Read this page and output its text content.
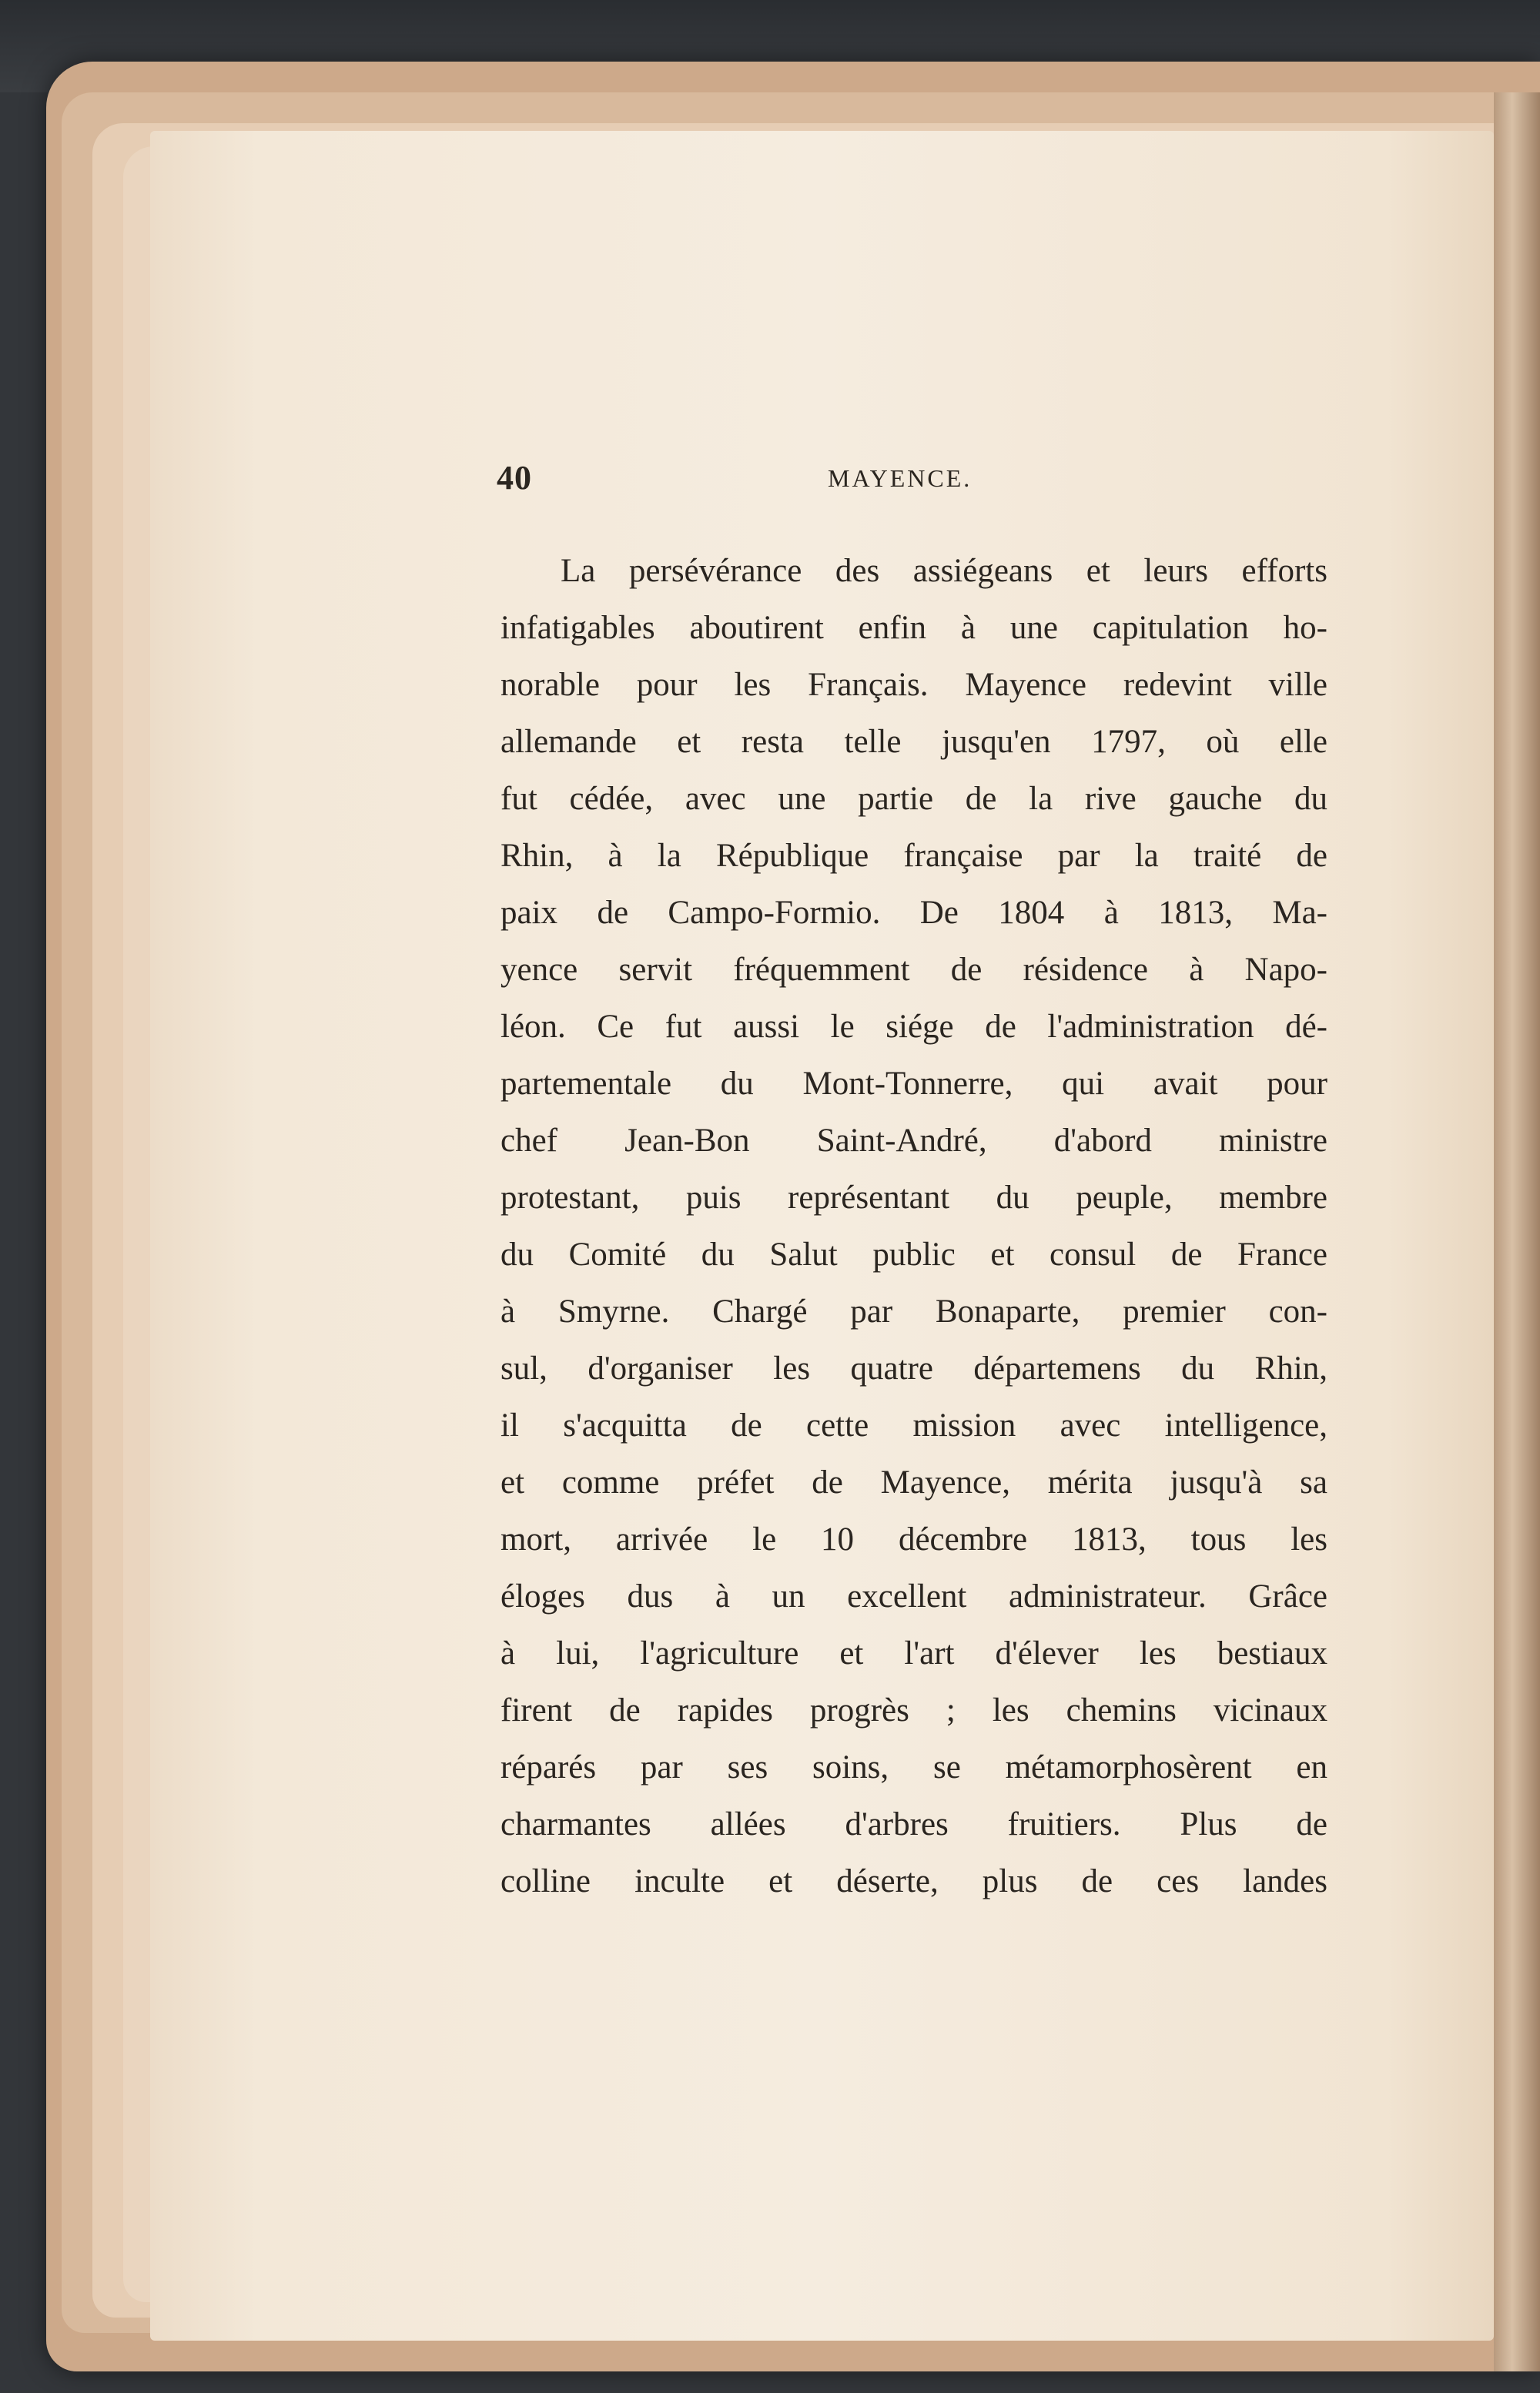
40	MAYENCE.
La persévérance des assiégeans et leurs efforts
infatigables aboutirent enfin à une capitulation ho-
norable pour les Français. Mayence redevint ville
allemande et resta telle jusqu'en 1797, où elle
fut cédée, avec une partie de la rive gauche du
Rhin, à la République française par la traité de
paix de Campo-Formio. De 1804 à 1813, Ma-
yence servit fréquemment de résidence à Napo-
léon. Ce fut aussi le siége de l'administration dé-
partementale du Mont-Tonnerre, qui avait pour
chef Jean-Bon Saint-André, d'abord ministre
protestant, puis représentant du peuple, membre
du Comité du Salut public et consul de France
à Smyrne. Chargé par Bonaparte, premier con-
sul, d'organiser les quatre départemens du Rhin,
il s'acquitta de cette mission avec intelligence,
et comme préfet de Mayence, mérita jusqu'à sa
mort, arrivée le 10 décembre 1813, tous les
éloges dus à un excellent administrateur. Grâce
à lui, l'agriculture et l'art d'élever les bestiaux
firent de rapides progrès ; les chemins vicinaux
réparés par ses soins, se métamorphosèrent en
charmantes allées d'arbres fruitiers. Plus de
colline inculte et déserte, plus de ces landes
